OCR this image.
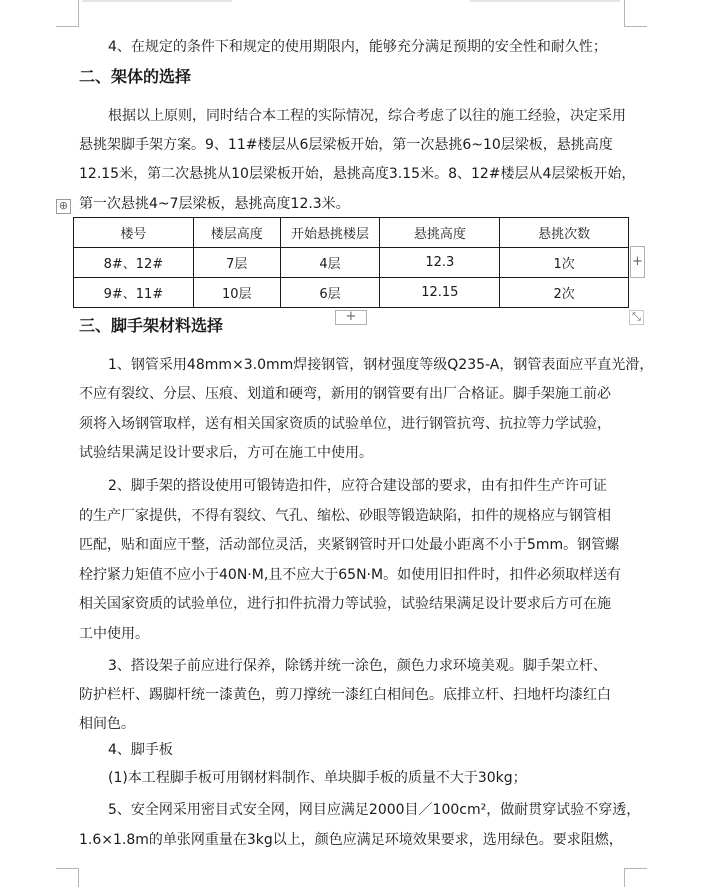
4、在规定的条件下和规定的使用期限内，能够充分满足预期的安全性和耐久性；
二、架体的选择
根据以上原则，同时结合本工程的实际情况，综合考虑了以往的施工经验，决定采用
悬挑架脚手架方案。9、11#楼层从6层梁板开始，第一次悬挑6~10层梁板，悬挑高度
12.15米，第二次悬挑从10层梁板开始，悬挑高度3.15米。8、12#楼层从4层梁板开始，
第一次悬挑4~7层梁板，悬挑高度12.3米。
⊕
+
+	⤡
楼号	楼层高度	开始悬挑楼层	悬挑高度	悬挑次数
8#、12#	7层	4层	12.3	1次
9#、11#	10层	6层	12.15	2次
三、脚手架材料选择
1、钢管采用48mm×3.0mm焊接钢管，钢材强度等级Q235-A，钢管表面应平直光滑，
不应有裂纹、分层、压痕、划道和硬弯，新用的钢管要有出厂合格证。脚手架施工前必
须将入场钢管取样，送有相关国家资质的试验单位，进行钢管抗弯、抗拉等力学试验，
试验结果满足设计要求后，方可在施工中使用。
2、脚手架的搭设使用可锻铸造扣件，应符合建设部的要求，由有扣件生产许可证
的生产厂家提供，不得有裂纹、气孔、缩松、砂眼等锻造缺陷，扣件的规格应与钢管相
匹配，贴和面应干整，活动部位灵活，夹紧钢管时开口处最小距离不小于5mm。钢管螺
栓拧紧力矩值不应小于40N·M,且不应大于65N·M。如使用旧扣件时，扣件必须取样送有
相关国家资质的试验单位，进行扣件抗滑力等试验，试验结果满足设计要求后方可在施
工中使用。
3、搭设架子前应进行保养，除锈并统一涂色，颜色力求环境美观。脚手架立杆、
防护栏杆、踢脚杆统一漆黄色，剪刀撑统一漆红白相间色。底排立杆、扫地杆均漆红白
相间色。
4、脚手板
(1)本工程脚手板可用钢材料制作、单块脚手板的质量不大于30kg；
5、安全网采用密目式安全网，网目应满足2000目／100cm²，做耐贯穿试验不穿透，
1.6×1.8m的单张网重量在3kg以上，颜色应满足环境效果要求，选用绿色。要求阻燃，
